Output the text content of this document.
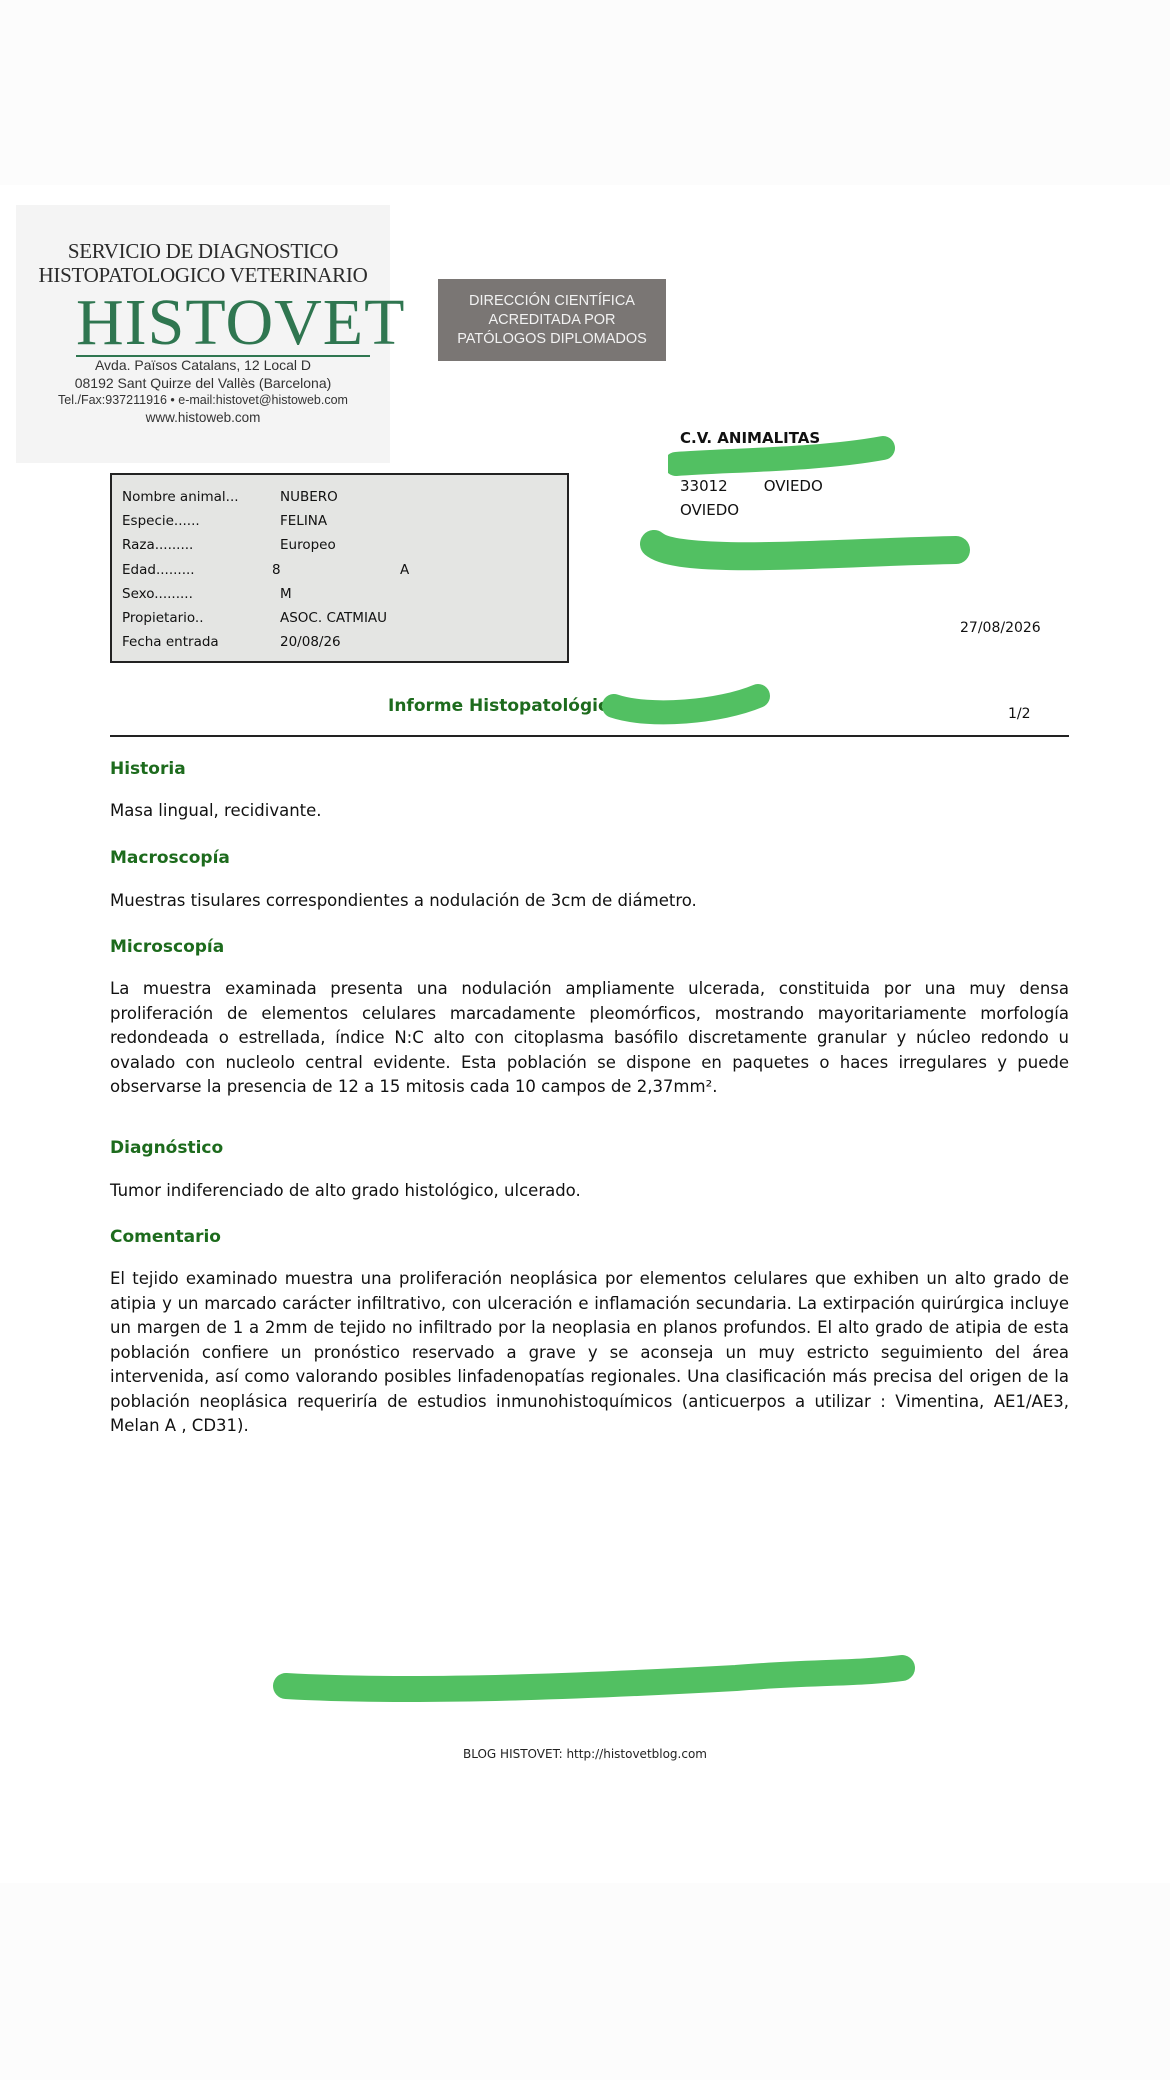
SERVICIO DE DIAGNOSTICO
HISTOPATOLOGICO VETERINARIO
HISTOVET
Avda. Països Catalans, 12 Local D
08192 Sant Quirze del Vallès (Barcelona)
Tel./Fax:937211916 • e-mail:histovet@histoweb.com
www.histoweb.com
DIRECCIÓN CIENTÍFICA
ACREDITADA POR
PATÓLOGOS DIPLOMADOS
C.V. ANIMALITAS
33012 OVIEDO
OVIEDO
27/08/2026
Nombre animal...	NUBERO
Especie......	FELINA
Raza.........	Europeo
Edad.........	8	A
Sexo.........	M
Propietario..	ASOC. CATMIAU
Fecha entrada	20/08/26
Informe Histopatológico	1/2
Historia

Masa lingual, recidivante.

Macroscopía

Muestras tisulares correspondientes a nodulación de 3cm de diámetro.

Microscopía

La muestra examinada presenta una nodulación ampliamente ulcerada, constituida por una muy densa proliferación de elementos celulares marcadamente pleomórficos, mostrando mayoritariamente morfología redondeada o estrellada, índice N:C alto con citoplasma basófilo discretamente granular y núcleo redondo u ovalado con nucleolo central evidente. Esta población se dispone en paquetes o haces irregulares y puede observarse la presencia de 12 a 15 mitosis cada 10 campos de 2,37mm².

Diagnóstico

Tumor indiferenciado de alto grado histológico, ulcerado.

Comentario

El tejido examinado muestra una proliferación neoplásica por elementos celulares que exhiben un alto grado de atipia y un marcado carácter infiltrativo, con ulceración e inflamación secundaria. La extirpación quirúrgica incluye un margen de 1 a 2mm de tejido no infiltrado por la neoplasia en planos profundos. El alto grado de atipia de esta población confiere un pronóstico reservado a grave y se aconseja un muy estricto seguimiento del área intervenida, así como valorando posibles linfadenopatías regionales. Una clasificación más precisa del origen de la población neoplásica requeriría de estudios inmunohistoquímicos (anticuerpos a utilizar : Vimentina, AE1/AE3, Melan A , CD31).

BLOG HISTOVET: http://histovetblog.com
